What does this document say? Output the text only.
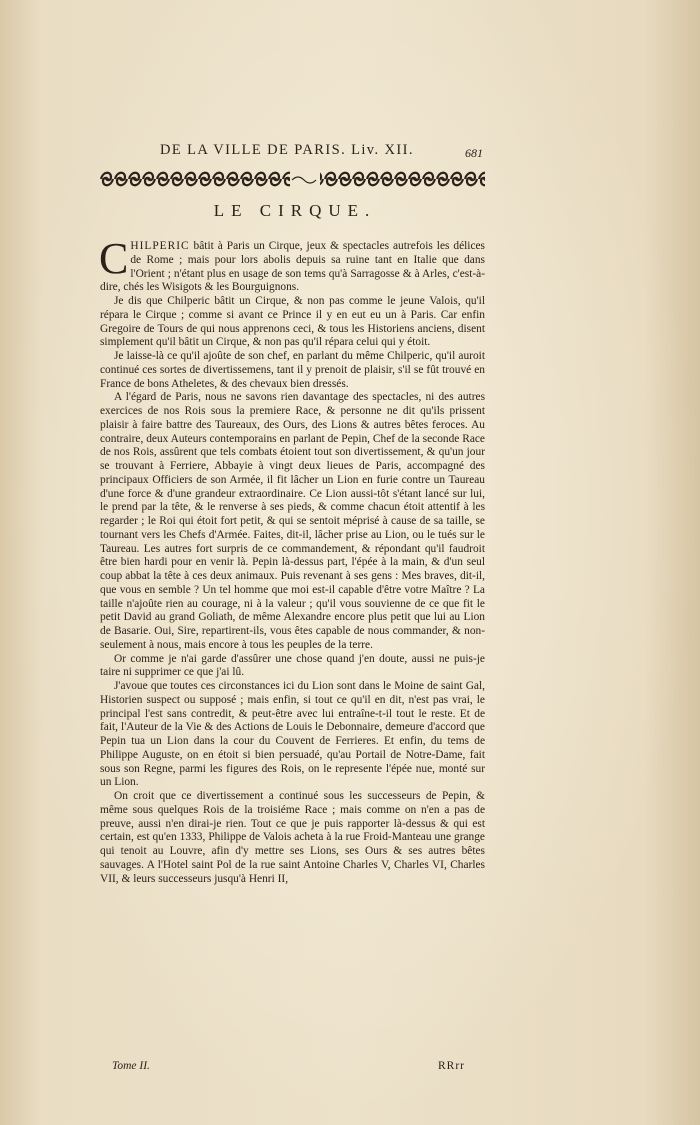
DE LA VILLE DE PARIS. Liv. XII.	681
LE CIRQUE.

CHILPERIC bâtit à Paris un Cirque, jeux & spectacles autrefois les délices de Rome ; mais pour lors abolis depuis sa ruine tant en Italie que dans l'Orient ; n'étant plus en usage de son tems qu'à Sarragosse & à Arles, c'est-à-dire, chés les Wisigots & les Bourguignons.

Je dis que Chilperic bâtit un Cirque, & non pas comme le jeune Valois, qu'il répara le Cirque ; comme si avant ce Prince il y en eut eu un à Paris. Car enfin Gregoire de Tours de qui nous apprenons ceci, & tous les Historiens anciens, disent simplement qu'il bâtit un Cirque, & non pas qu'il répara celui qui y étoit.

Je laisse-là ce qu'il ajoûte de son chef, en parlant du même Chilperic, qu'il auroit continué ces sortes de divertissemens, tant il y prenoit de plaisir, s'il se fût trouvé en France de bons Atheletes, & des chevaux bien dressés.

A l'égard de Paris, nous ne savons rien davantage des spectacles, ni des autres exercices de nos Rois sous la premiere Race, & personne ne dit qu'ils prissent plaisir à faire battre des Taureaux, des Ours, des Lions & autres bêtes feroces. Au contraire, deux Auteurs contemporains en parlant de Pepin, Chef de la seconde Race de nos Rois, assûrent que tels combats étoient tout son divertissement, & qu'un jour se trouvant à Ferriere, Abbayie à vingt deux lieues de Paris, accompagné des principaux Officiers de son Armée, il fit lâcher un Lion en furie contre un Taureau d'une force & d'une grandeur extraordinaire. Ce Lion aussi-tôt s'étant lancé sur lui, le prend par la tête, & le renverse à ses pieds, & comme chacun étoit attentif à les regarder ; le Roi qui étoit fort petit, & qui se sentoit méprisé à cause de sa taille, se tournant vers les Chefs d'Armée. Faites, dit-il, lâcher prise au Lion, ou le tués sur le Taureau. Les autres fort surpris de ce commandement, & répondant qu'il faudroit être bien hardi pour en venir là. Pepin là-dessus part, l'épée à la main, & d'un seul coup abbat la tête à ces deux animaux. Puis revenant à ses gens : Mes braves, dit-il, que vous en semble ? Un tel homme que moi est-il capable d'être votre Maître ? La taille n'ajoûte rien au courage, ni à la valeur ; qu'il vous souvienne de ce que fit le petit David au grand Goliath, de même Alexandre encore plus petit que lui au Lion de Basarie. Oui, Sire, repartirent-ils, vous êtes capable de nous commander, & non-seulement à nous, mais encore à tous les peuples de la terre.

Or comme je n'ai garde d'assûrer une chose quand j'en doute, aussi ne puis-je taire ni supprimer ce que j'ai lû.

J'avoue que toutes ces circonstances ici du Lion sont dans le Moine de saint Gal, Historien suspect ou supposé ; mais enfin, si tout ce qu'il en dit, n'est pas vrai, le principal l'est sans contredit, & peut-être avec lui entraîne-t-il tout le reste. Et de fait, l'Auteur de la Vie & des Actions de Louis le Debonnaire, demeure d'accord que Pepin tua un Lion dans la cour du Couvent de Ferrieres. Et enfin, du tems de Philippe Auguste, on en étoit si bien persuadé, qu'au Portail de Notre-Dame, fait sous son Regne, parmi les figures des Rois, on le represente l'épée nue, monté sur un Lion.

On croit que ce divertissement a continué sous les successeurs de Pepin, & même sous quelques Rois de la troisiéme Race ; mais comme on n'en a pas de preuve, aussi n'en dirai-je rien. Tout ce que je puis rapporter là-dessus & qui est certain, est qu'en 1333, Philippe de Valois acheta à la rue Froid-Manteau une grange qui tenoit au Louvre, afin d'y mettre ses Lions, ses Ours & ses autres bêtes sauvages. A l'Hotel saint Pol de la rue saint Antoine Charles V, Charles VI, Charles VII, & leurs successeurs jusqu'à Henri II,

Tome II.	RRrr
